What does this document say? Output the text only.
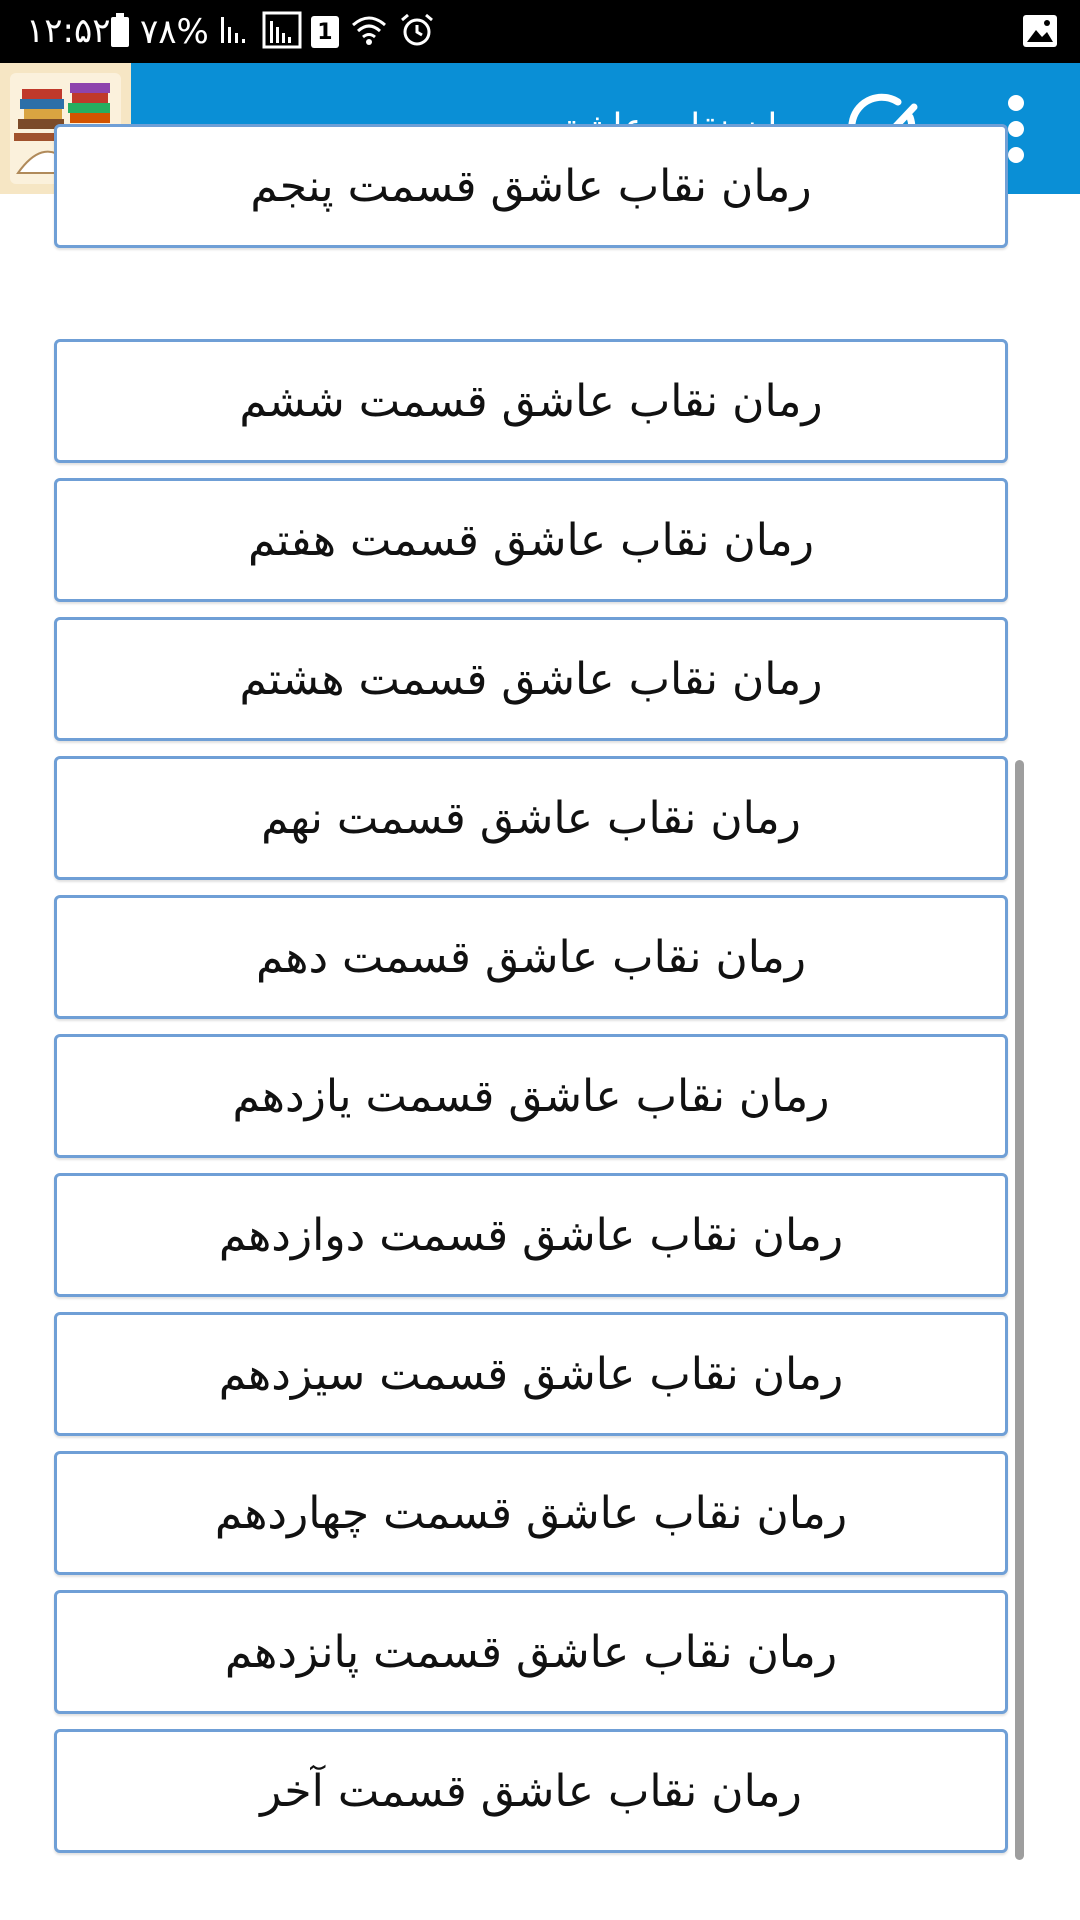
۱۲:۵۲ ۷۸%	1
رمان نقاب عاشق قسمت پنجم
رمان نقاب عاشق قسمت ششم
رمان نقاب عاشق قسمت هفتم
رمان نقاب عاشق قسمت هشتم
رمان نقاب عاشق قسمت نهم
رمان نقاب عاشق قسمت دهم
رمان نقاب عاشق قسمت یازدهم
رمان نقاب عاشق قسمت دوازدهم
رمان نقاب عاشق قسمت سیزدهم
رمان نقاب عاشق قسمت چهاردهم
رمان نقاب عاشق قسمت پانزدهم
رمان نقاب عاشق قسمت آخر
